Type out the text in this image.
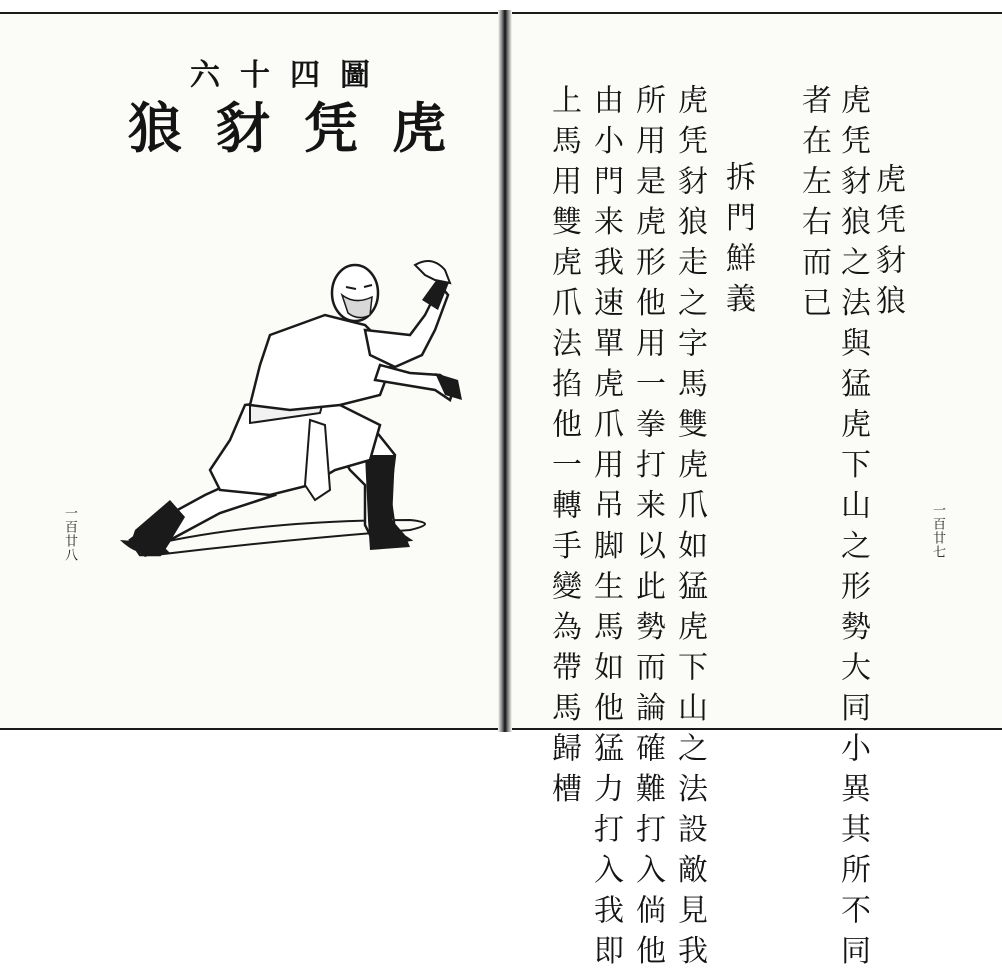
圖四十六
虎凭豺狼
一百廿八
虎凭豺狼
虎凭豺狼之法與猛虎下山之形勢大同小異其所不同
者在左右而已
拆門鮮義
虎凭豺狼走之字馬雙虎爪如猛虎下山之法設敵見我
所用是虎形他用一拳打来以此勢而論確難打入倘他
由小門来我速單虎爪用吊脚生馬如他猛力打入我即
上馬用雙虎爪法掐他一轉手變為帶馬歸槽	一百廿七
